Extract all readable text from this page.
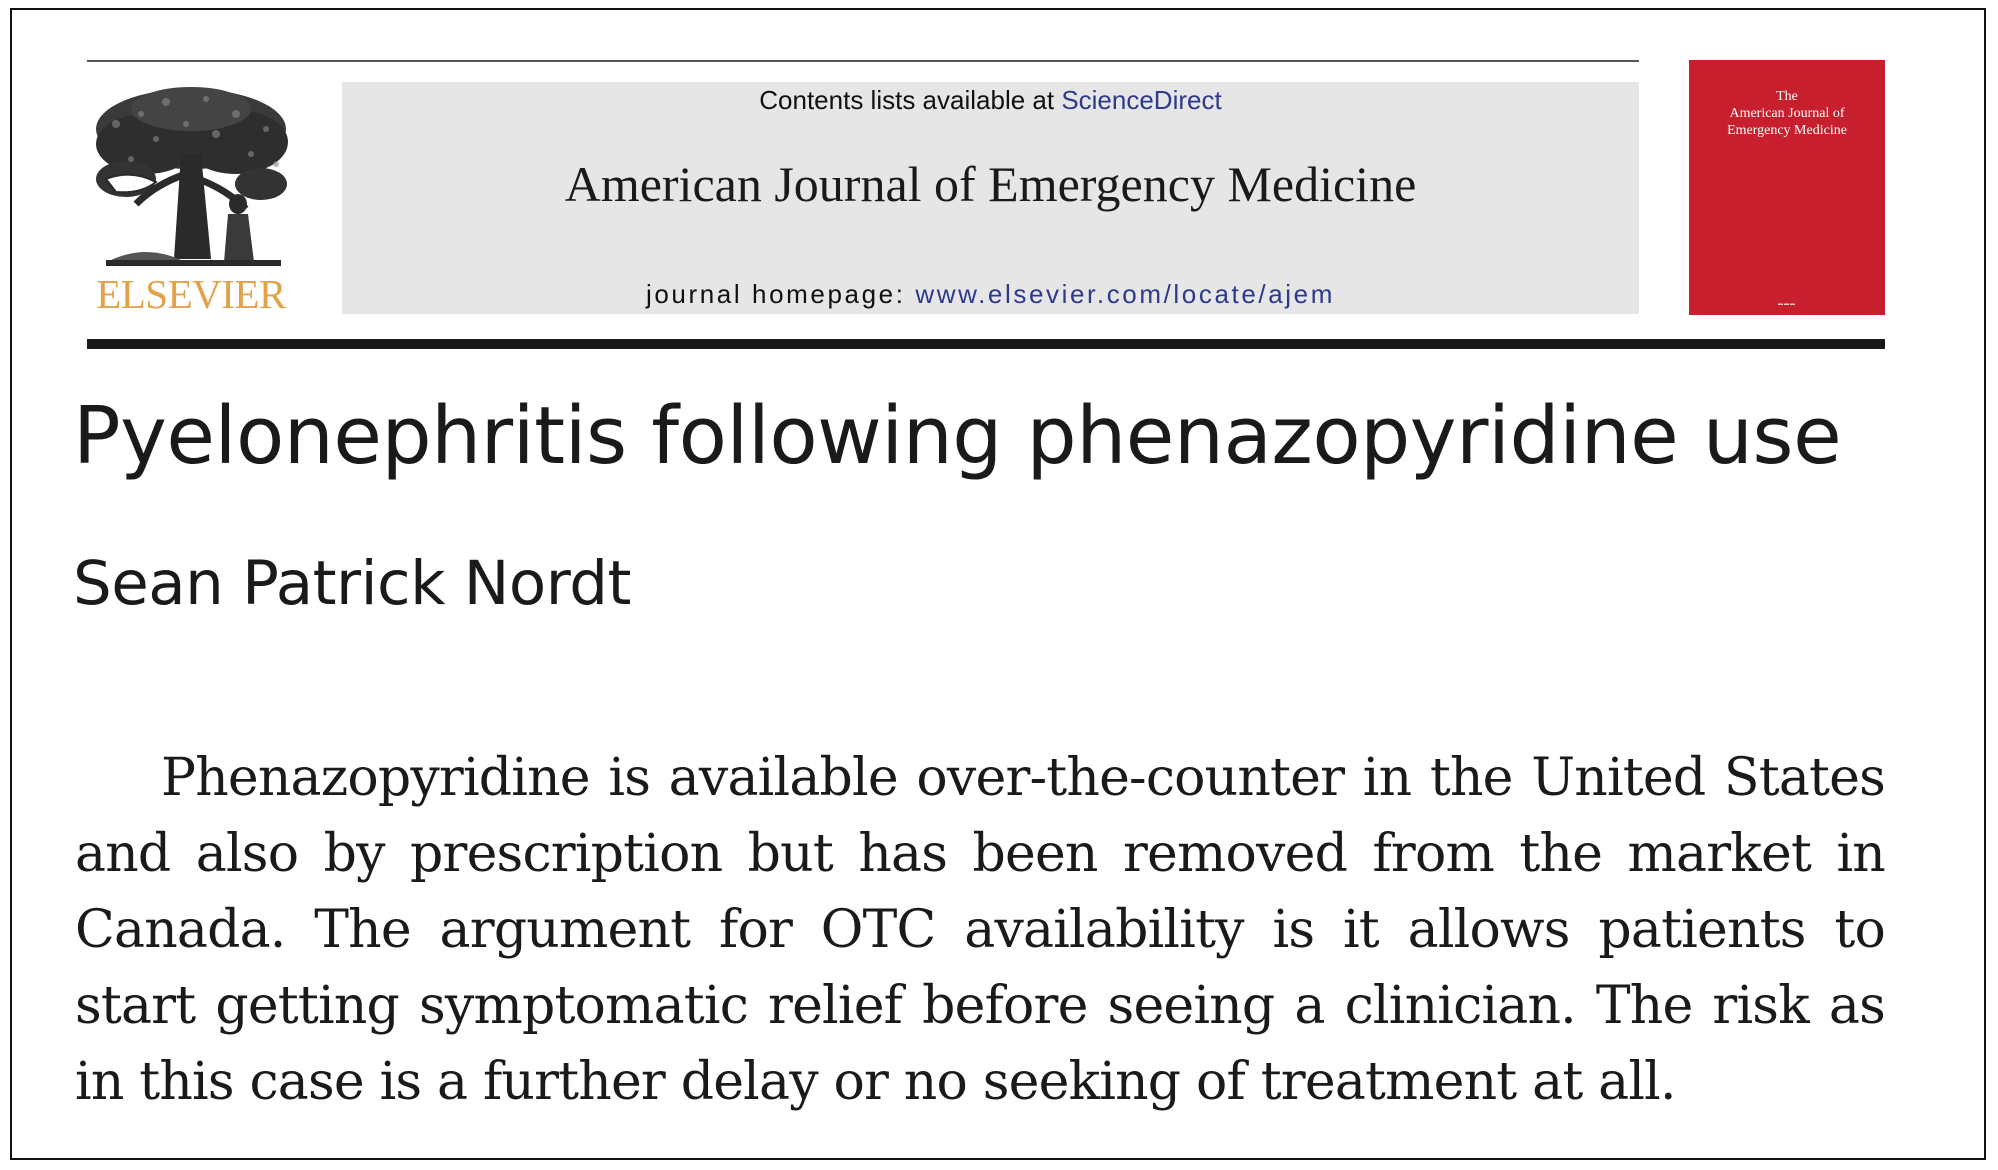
ELSEVIER
Contents lists available at ScienceDirect
American Journal of Emergency Medicine
journal homepage: www.elsevier.com/locate/ajem
The
American Journal of
Emergency Medicine
▬▬▬
Pyelonephritis following phenazopyridine use
Sean Patrick Nordt

Phenazopyridine is available over-the-counter in the United States and also by prescription but has been removed from the market in Canada. The argument for OTC availability is it allows patients to start getting symptomatic relief before seeing a clinician. The risk as in this case is a further delay or no seeking of treatment at all.
